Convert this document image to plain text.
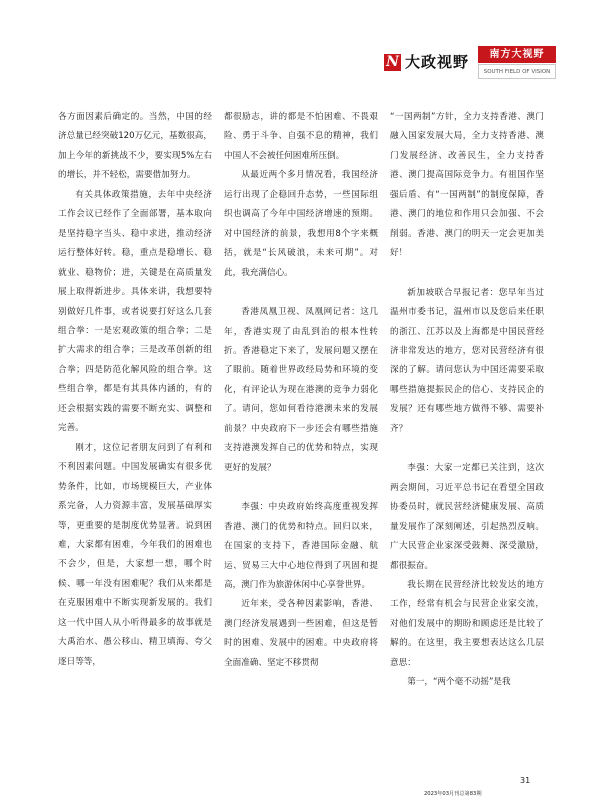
N 大政视野	南方大视野
SOUTH FIELD OF VISION

各方面因素后确定的。当然，中国的经济总量已经突破120万亿元，基数很高，加上今年的新挑战不少，要实现5%左右的增长，并不轻松，需要借加努力。

有关具体政策措施，去年中央经济工作会议已经作了全面部署，基本取向是坚持稳字当头、稳中求进，推动经济运行整体好转。稳，重点是稳增长、稳就业、稳物价；进，关键是在高质量发展上取得新进步。具体来讲，我想要特别做好几件事，或者说要打好这么几套组合拳：一是宏观政策的组合拳；二是扩大需求的组合拳；三是改革创新的组合拳；四是防范化解风险的组合拳。这些组合拳，都是有其具体内涵的，有的还会根据实践的需要不断充实、调整和完善。

刚才，这位记者朋友问到了有利和不利因素问题。中国发展确实有很多优势条件，比如，市场规模巨大，产业体系完备，人力资源丰富，发展基础厚实等，更重要的是制度优势显著。说到困难，大家都有困难，今年我们的困难也不会少，但是，大家想一想，哪个时候、哪一年没有困难呢？我们从来都是在克服困难中不断实现新发展的。我们这一代中国人从小听得最多的故事就是大禹治水、愚公移山、精卫填海、夸父逐日等等，

都很励志，讲的都是不怕困难、不畏艰险、勇于斗争、自强不息的精神，我们中国人不会被任何困难所压倒。

从最近两个多月情况看，我国经济运行出现了企稳回升态势，一些国际组织也调高了今年中国经济增速的预期。对中国经济的前景，我想用8个字来概括，就是“长风破浪，未来可期”。对此，我充满信心。

香港凤凰卫视、凤凰网记者：这几年，香港实现了由乱到治的根本性转折。香港稳定下来了，发展问题又摆在了眼前。随着世界政经局势和环境的变化，有评论认为现在港澳的竞争力弱化了。请问，您如何看待港澳未来的发展前景？中央政府下一步还会有哪些措施支持港澳发挥自己的优势和特点，实现更好的发展？

李强：中央政府始终高度重视发挥香港、澳门的优势和特点。回归以来，在国家的支持下，香港国际金融、航运、贸易三大中心地位得到了巩固和提高，澳门作为旅游休闲中心享誉世界。

近年来，受各种因素影响，香港、澳门经济发展遇到一些困难，但这是暂时的困难、发展中的困难。中央政府将全面准确、坚定不移贯彻

“一国两制”方针，全力支持香港、澳门融入国家发展大局，全力支持香港、澳门发展经济、改善民生，全力支持香港、澳门提高国际竞争力。有祖国作坚强后盾、有“一国两制”的制度保障，香港、澳门的地位和作用只会加强、不会削弱。香港、澳门的明天一定会更加美好！

新加坡联合早报记者：您早年当过温州市委书记，温州市以及您后来任职的浙江、江苏以及上海都是中国民营经济非常发达的地方，您对民营经济有很深的了解。请问您认为中国还需要采取哪些措施提振民企的信心、支持民企的发展？还有哪些地方做得不够、需要补齐？

李强：大家一定都已关注到，这次两会期间，习近平总书记在看望全国政协委员时，就民营经济健康发展、高质量发展作了深刻阐述，引起热烈反响。广大民营企业家深受鼓舞、深受激励，都很振奋。

我长期在民营经济比较发达的地方工作，经常有机会与民营企业家交流，对他们发展中的期盼和顾虑还是比较了解的。在这里，我主要想表达这么几层意思：

第一，“两个毫不动摇”是我

31
2023年03月刊总第83期
